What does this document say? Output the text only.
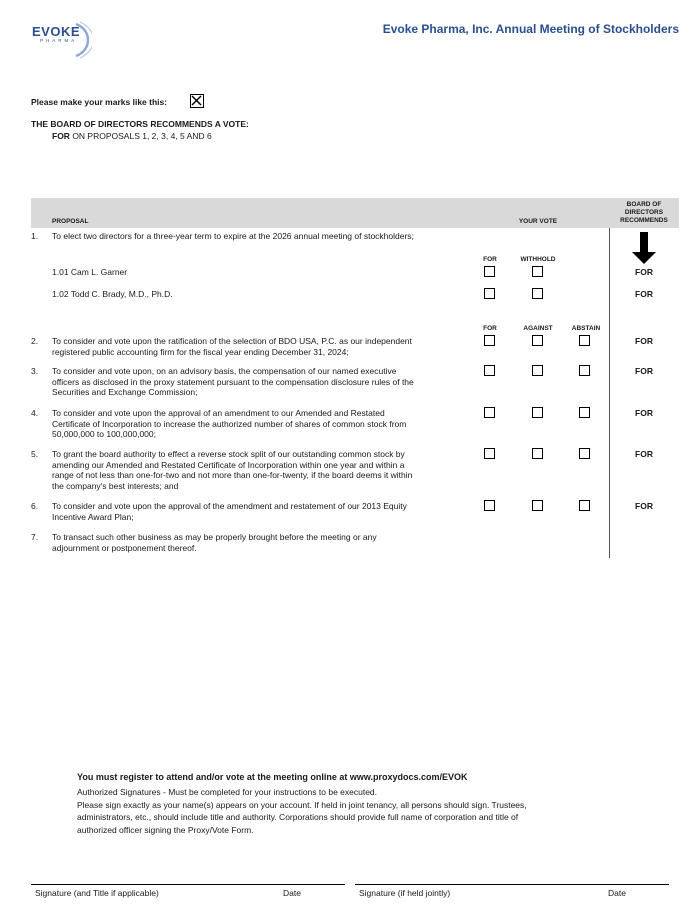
EVOKE
PHARMA
Evoke Pharma, Inc. Annual Meeting of Stockholders
Please make your marks like this:
THE BOARD OF DIRECTORS RECOMMENDS A VOTE:
FOR ON PROPOSALS 1, 2, 3, 4, 5 AND 6
BOARD OF
DIRECTORS
RECOMMENDS
PROPOSAL	YOUR VOTE
1. To elect two directors for a three-year term to expire at the 2026 annual meeting of stockholders;
FOR	WITHHOLD
1.01 Cam L. Garner	FOR
1.02 Todd C. Brady, M.D., Ph.D.	FOR
FOR	AGAINST	ABSTAIN
2. To consider and vote upon the ratification of the selection of BDO USA, P.C. as our independent
registered public accounting firm for the fiscal year ending December 31, 2024;
FOR
3. To consider and vote upon, on an advisory basis, the compensation of our named executive
officers as disclosed in the proxy statement pursuant to the compensation disclosure rules of the
Securities and Exchange Commission;
FOR
4. To consider and vote upon the approval of an amendment to our Amended and Restated
Certificate of Incorporation to increase the authorized number of shares of common stock from
50,000,000 to 100,000,000;
FOR
5. To grant the board authority to effect a reverse stock split of our outstanding common stock by
amending our Amended and Restated Certificate of Incorporation within one year and within a
range of not less than one-for-two and not more than one-for-twenty, if the board deems it within
the company's best interests; and
FOR
6. To consider and vote upon the approval of the amendment and restatement of our 2013 Equity
Incentive Award Plan;
FOR
7. To transact such other business as may be properly brought before the meeting or any
adjournment or postponement thereof.
You must register to attend and/or vote at the meeting online at www.proxydocs.com/EVOK
Authorized Signatures - Must be completed for your instructions to be executed.
Please sign exactly as your name(s) appears on your account. If held in joint tenancy, all persons should sign. Trustees,
administrators, etc., should include title and authority. Corporations should provide full name of corporation and title of
authorized officer signing the Proxy/Vote Form.
Signature (and Title if applicable)	Date	Signature (if held jointly)	Date
